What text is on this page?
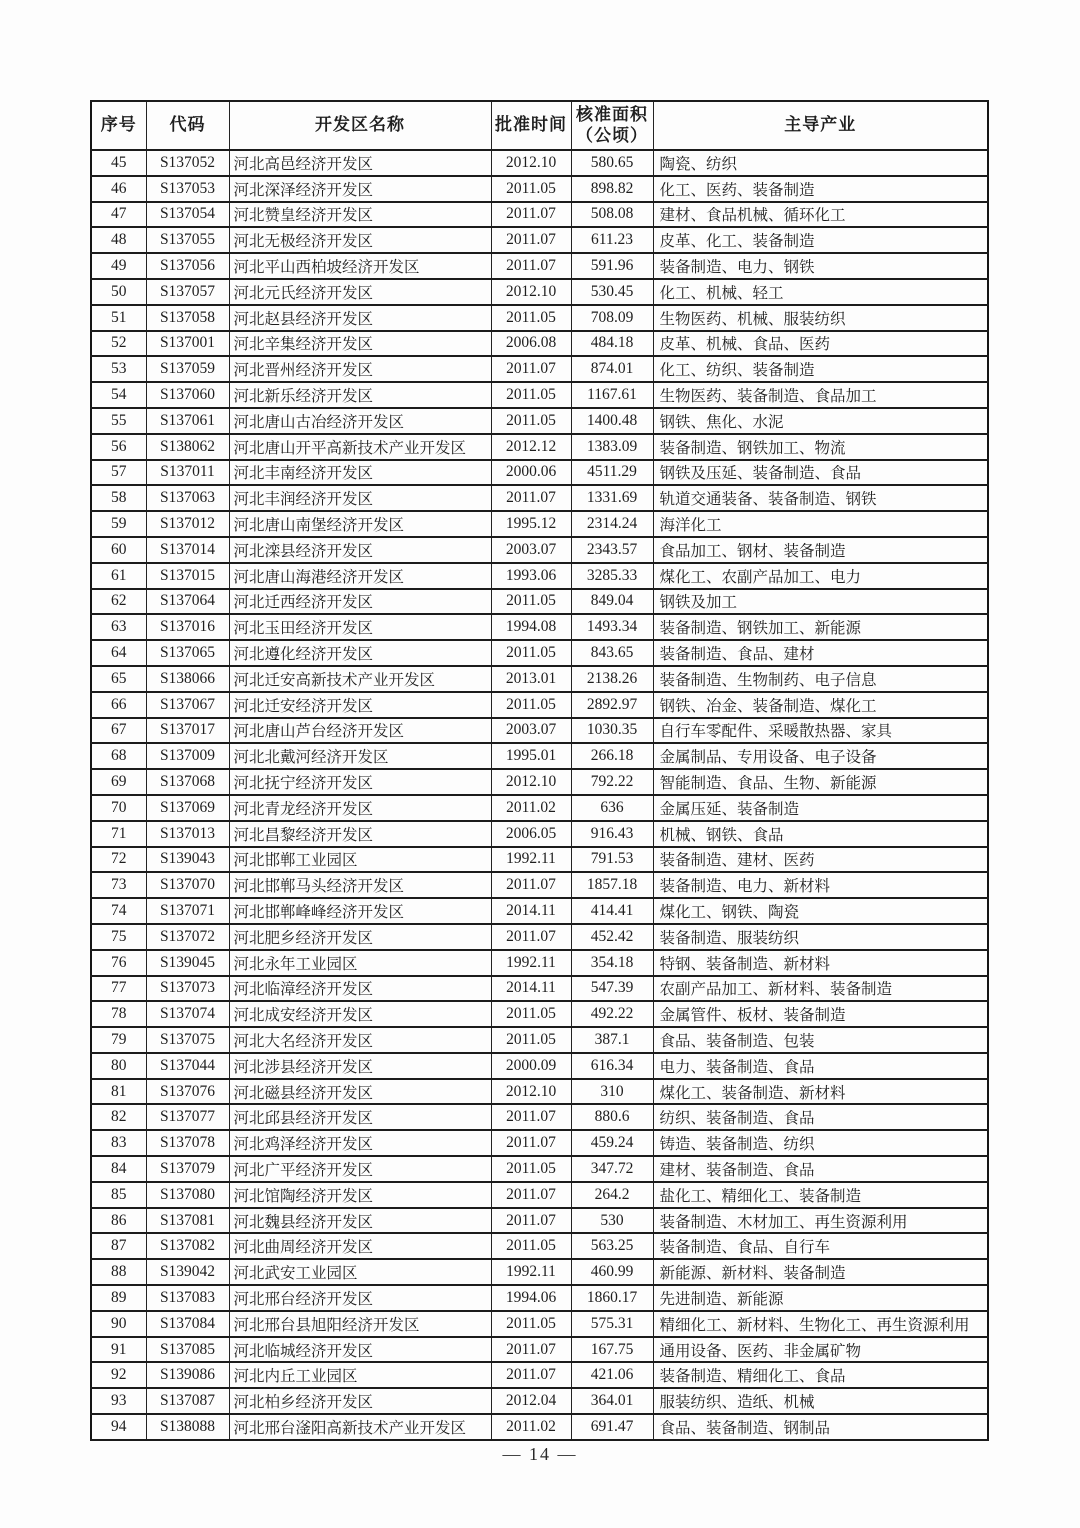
序号	代码	开发区名称	批准时间	核准面积
（公顷）	主导产业

45	S137052	河北高邑经济开发区	2012.10	580.65	陶瓷、纺织
46	S137053	河北深泽经济开发区	2011.05	898.82	化工、医药、装备制造
47	S137054	河北赞皇经济开发区	2011.07	508.08	建材、食品机械、循环化工
48	S137055	河北无极经济开发区	2011.07	611.23	皮革、化工、装备制造
49	S137056	河北平山西柏坡经济开发区	2011.07	591.96	装备制造、电力、钢铁
50	S137057	河北元氏经济开发区	2012.10	530.45	化工、机械、轻工
51	S137058	河北赵县经济开发区	2011.05	708.09	生物医药、机械、服装纺织
52	S137001	河北辛集经济开发区	2006.08	484.18	皮革、机械、食品、医药
53	S137059	河北晋州经济开发区	2011.07	874.01	化工、纺织、装备制造
54	S137060	河北新乐经济开发区	2011.05	1167.61	生物医药、装备制造、食品加工
55	S137061	河北唐山古冶经济开发区	2011.05	1400.48	钢铁、焦化、水泥
56	S138062	河北唐山开平高新技术产业开发区	2012.12	1383.09	装备制造、钢铁加工、物流
57	S137011	河北丰南经济开发区	2000.06	4511.29	钢铁及压延、装备制造、食品
58	S137063	河北丰润经济开发区	2011.07	1331.69	轨道交通装备、装备制造、钢铁
59	S137012	河北唐山南堡经济开发区	1995.12	2314.24	海洋化工
60	S137014	河北滦县经济开发区	2003.07	2343.57	食品加工、钢材、装备制造
61	S137015	河北唐山海港经济开发区	1993.06	3285.33	煤化工、农副产品加工、电力
62	S137064	河北迁西经济开发区	2011.05	849.04	钢铁及加工
63	S137016	河北玉田经济开发区	1994.08	1493.34	装备制造、钢铁加工、新能源
64	S137065	河北遵化经济开发区	2011.05	843.65	装备制造、食品、建材
65	S138066	河北迁安高新技术产业开发区	2013.01	2138.26	装备制造、生物制药、电子信息
66	S137067	河北迁安经济开发区	2011.05	2892.97	钢铁、冶金、装备制造、煤化工
67	S137017	河北唐山芦台经济开发区	2003.07	1030.35	自行车零配件、采暖散热器、家具
68	S137009	河北北戴河经济开发区	1995.01	266.18	金属制品、专用设备、电子设备
69	S137068	河北抚宁经济开发区	2012.10	792.22	智能制造、食品、生物、新能源
70	S137069	河北青龙经济开发区	2011.02	636	金属压延、装备制造
71	S137013	河北昌黎经济开发区	2006.05	916.43	机械、钢铁、食品
72	S139043	河北邯郸工业园区	1992.11	791.53	装备制造、建材、医药
73	S137070	河北邯郸马头经济开发区	2011.07	1857.18	装备制造、电力、新材料
74	S137071	河北邯郸峰峰经济开发区	2014.11	414.41	煤化工、钢铁、陶瓷
75	S137072	河北肥乡经济开发区	2011.07	452.42	装备制造、服装纺织
76	S139045	河北永年工业园区	1992.11	354.18	特钢、装备制造、新材料
77	S137073	河北临漳经济开发区	2014.11	547.39	农副产品加工、新材料、装备制造
78	S137074	河北成安经济开发区	2011.05	492.22	金属管件、板材、装备制造
79	S137075	河北大名经济开发区	2011.05	387.1	食品、装备制造、包装
80	S137044	河北涉县经济开发区	2000.09	616.34	电力、装备制造、食品
81	S137076	河北磁县经济开发区	2012.10	310	煤化工、装备制造、新材料
82	S137077	河北邱县经济开发区	2011.07	880.6	纺织、装备制造、食品
83	S137078	河北鸡泽经济开发区	2011.07	459.24	铸造、装备制造、纺织
84	S137079	河北广平经济开发区	2011.05	347.72	建材、装备制造、食品
85	S137080	河北馆陶经济开发区	2011.07	264.2	盐化工、精细化工、装备制造
86	S137081	河北魏县经济开发区	2011.07	530	装备制造、木材加工、再生资源利用
87	S137082	河北曲周经济开发区	2011.05	563.25	装备制造、食品、自行车
88	S139042	河北武安工业园区	1992.11	460.99	新能源、新材料、装备制造
89	S137083	河北邢台经济开发区	1994.06	1860.17	先进制造、新能源
90	S137084	河北邢台县旭阳经济开发区	2011.05	575.31	精细化工、新材料、生物化工、再生资源利用
91	S137085	河北临城经济开发区	2011.07	167.75	通用设备、医药、非金属矿物
92	S139086	河北内丘工业园区	2011.07	421.06	装备制造、精细化工、食品
93	S137087	河北柏乡经济开发区	2012.04	364.01	服装纺织、造纸、机械
94	S138088	河北邢台滏阳高新技术产业开发区	2011.02	691.47	食品、装备制造、钢制品
— 14 —
